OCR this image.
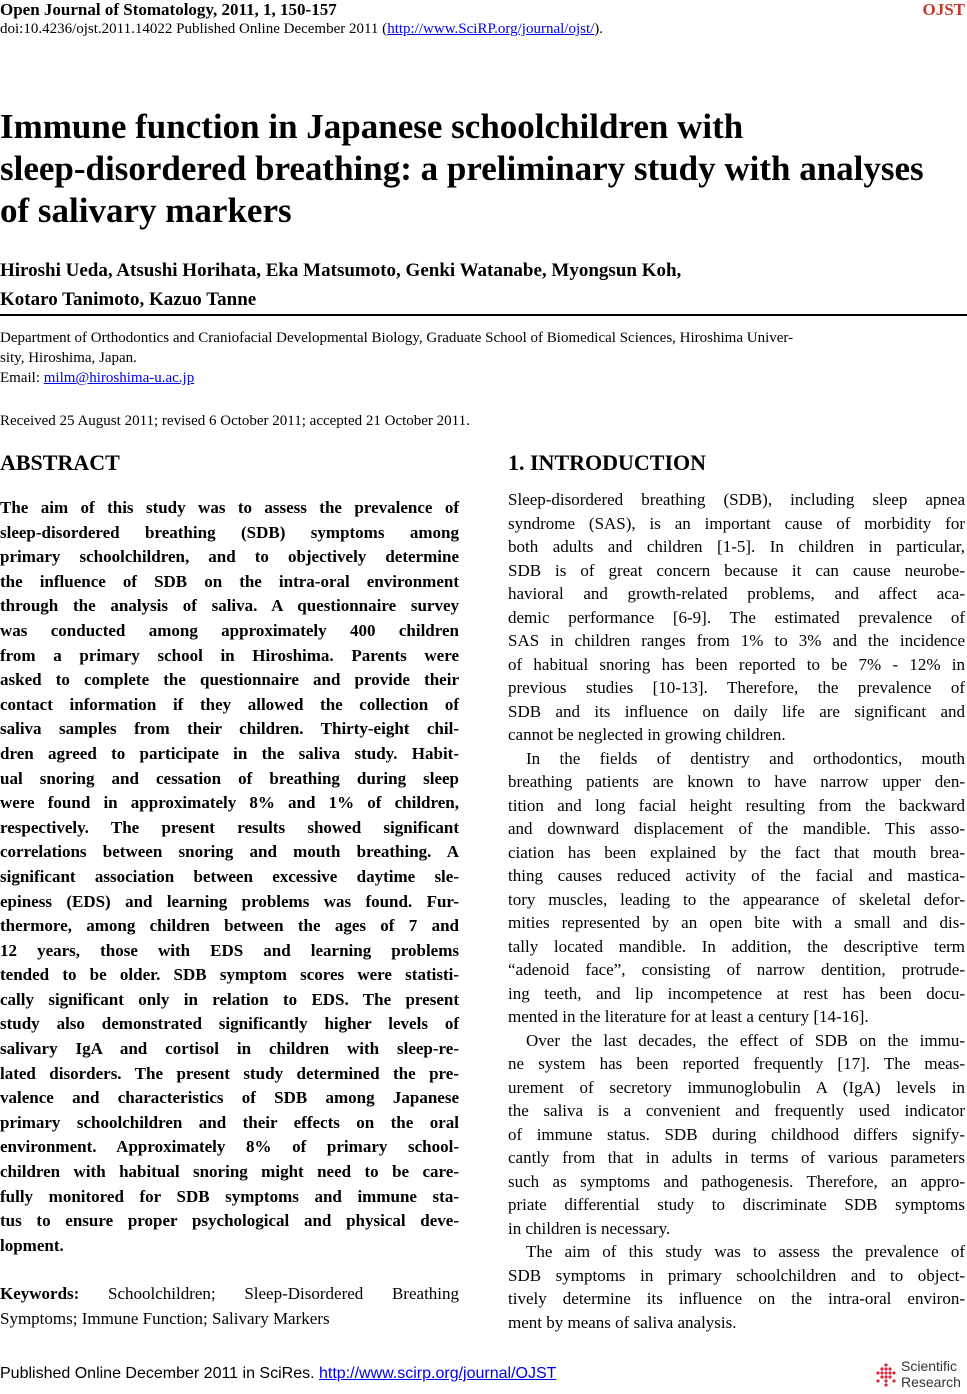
Open Journal of Stomatology, 2011, 1, 150-157	OJST
doi:10.4236/ojst.2011.14022 Published Online December 2011 (http://www.SciRP.org/journal/ojst/).
Immune function in Japanese schoolchildren with
sleep-disordered breathing: a preliminary study with analyses
of salivary markers
Hiroshi Ueda, Atsushi Horihata, Eka Matsumoto, Genki Watanabe, Myongsun Koh,
Kotaro Tanimoto, Kazuo Tanne
Department of Orthodontics and Craniofacial Developmental Biology, Graduate School of Biomedical Sciences, Hiroshima Univer-
sity, Hiroshima, Japan.
Email: milm@hiroshima-u.ac.jp
Received 25 August 2011; revised 6 October 2011; accepted 21 October 2011.
ABSTRACT
The aim of this study was to assess the prevalence of
sleep-disordered breathing (SDB) symptoms among
primary schoolchildren, and to objectively determine
the influence of SDB on the intra-oral environment
through the analysis of saliva. A questionnaire survey
was conducted among approximately 400 children
from a primary school in Hiroshima. Parents were
asked to complete the questionnaire and provide their
contact information if they allowed the collection of
saliva samples from their children. Thirty-eight chil-
dren agreed to participate in the saliva study. Habit-
ual snoring and cessation of breathing during sleep
were found in approximately 8% and 1% of children,
respectively. The present results showed significant
correlations between snoring and mouth breathing. A
significant association between excessive daytime sle-
epiness (EDS) and learning problems was found. Fur-
thermore, among children between the ages of 7 and
12 years, those with EDS and learning problems
tended to be older. SDB symptom scores were statisti-
cally significant only in relation to EDS. The present
study also demonstrated significantly higher levels of
salivary IgA and cortisol in children with sleep-re-
lated disorders. The present study determined the pre-
valence and characteristics of SDB among Japanese
primary schoolchildren and their effects on the oral
environment. Approximately 8% of primary school-
children with habitual snoring might need to be care-
fully monitored for SDB symptoms and immune sta-
tus to ensure proper psychological and physical deve-
lopment.
Keywords: Schoolchildren; Sleep-Disordered Breathing
Symptoms; Immune Function; Salivary Markers
1. INTRODUCTION
Sleep-disordered breathing (SDB), including sleep apnea
syndrome (SAS), is an important cause of morbidity for
both adults and children [1-5]. In children in particular,
SDB is of great concern because it can cause neurobe-
havioral and growth-related problems, and affect aca-
demic performance [6-9]. The estimated prevalence of
SAS in children ranges from 1% to 3% and the incidence
of habitual snoring has been reported to be 7% - 12% in
previous studies [10-13]. Therefore, the prevalence of
SDB and its influence on daily life are significant and
cannot be neglected in growing children.
In the fields of dentistry and orthodontics, mouth
breathing patients are known to have narrow upper den-
tition and long facial height resulting from the backward
and downward displacement of the mandible. This asso-
ciation has been explained by the fact that mouth brea-
thing causes reduced activity of the facial and mastica-
tory muscles, leading to the appearance of skeletal defor-
mities represented by an open bite with a small and dis-
tally located mandible. In addition, the descriptive term
“adenoid face”, consisting of narrow dentition, protrude-
ing teeth, and lip incompetence at rest has been docu-
mented in the literature for at least a century [14-16].
Over the last decades, the effect of SDB on the immu-
ne system has been reported frequently [17]. The meas-
urement of secretory immunoglobulin A (IgA) levels in
the saliva is a convenient and frequently used indicator
of immune status. SDB during childhood differs signify-
cantly from that in adults in terms of various parameters
such as symptoms and pathogenesis. Therefore, an appro-
priate differential study to discriminate SDB symptoms
in children is necessary.
The aim of this study was to assess the prevalence of
SDB symptoms in primary schoolchildren and to object-
tively determine its influence on the intra-oral environ-
ment by means of saliva analysis.
Published Online December 2011 in SciRes. http://www.scirp.org/journal/OJST	Scientific
Research
